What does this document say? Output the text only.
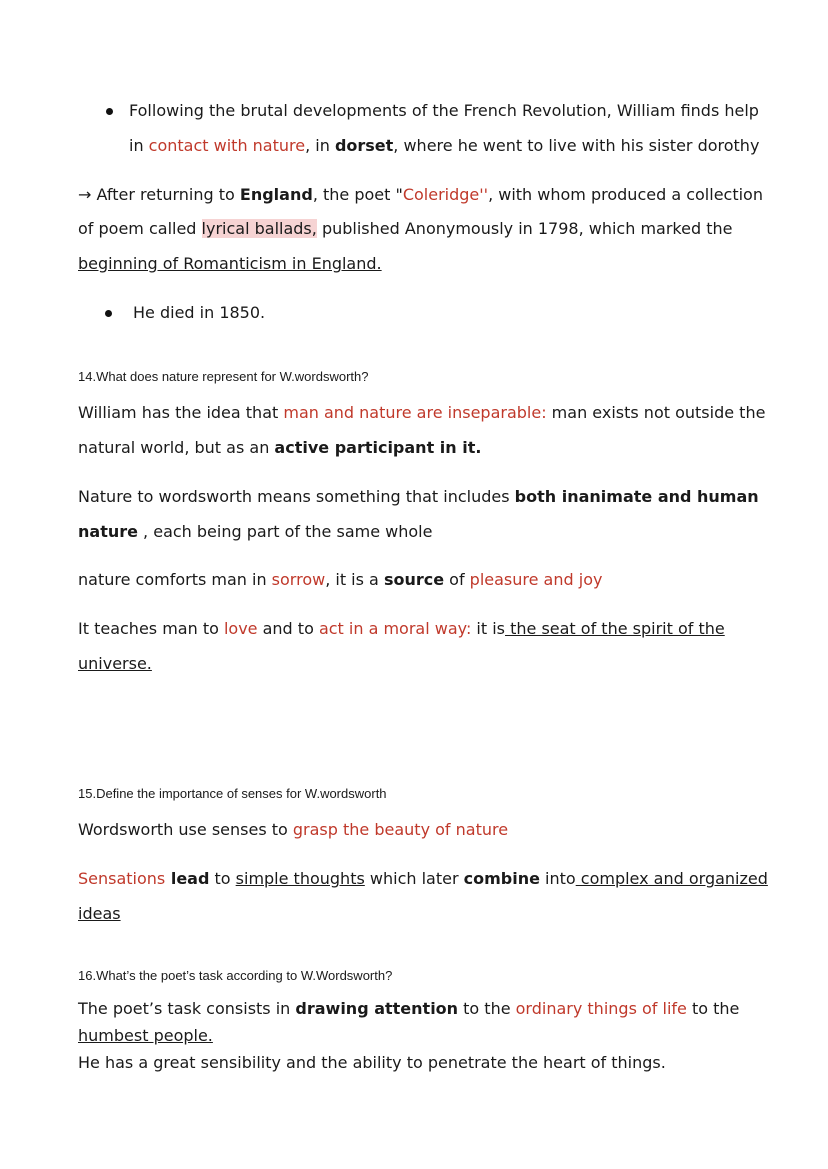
Following the brutal developments of the French Revolution, William finds help
in contact with nature, in dorset, where he went to live with his sister dorothy
→ After returning to England, the poet "Coleridge'', with whom produced a collection
of poem called lyrical ballads, published Anonymously in 1798, which marked the
beginning of Romanticism in England.
He died in 1850.
14.What does nature represent for W.wordsworth?
William has the idea that man and nature are inseparable: man exists not outside the
natural world, but as an active participant in it.
Nature to wordsworth means something that includes both inanimate and human
nature , each being part of the same whole
nature comforts man in sorrow, it is a source of pleasure and joy
It teaches man to love and to act in a moral way: it is the seat of the spirit of the
universe.
15.Define the importance of senses for W.wordsworth
Wordsworth use senses to grasp the beauty of nature
Sensations lead to simple thoughts which later combine into complex and organized
ideas
16.What’s the poet’s task according to W.Wordsworth?
The poet’s task consists in drawing attention to the ordinary things of life to the
humbest people.
He has a great sensibility and the ability to penetrate the heart of things.
